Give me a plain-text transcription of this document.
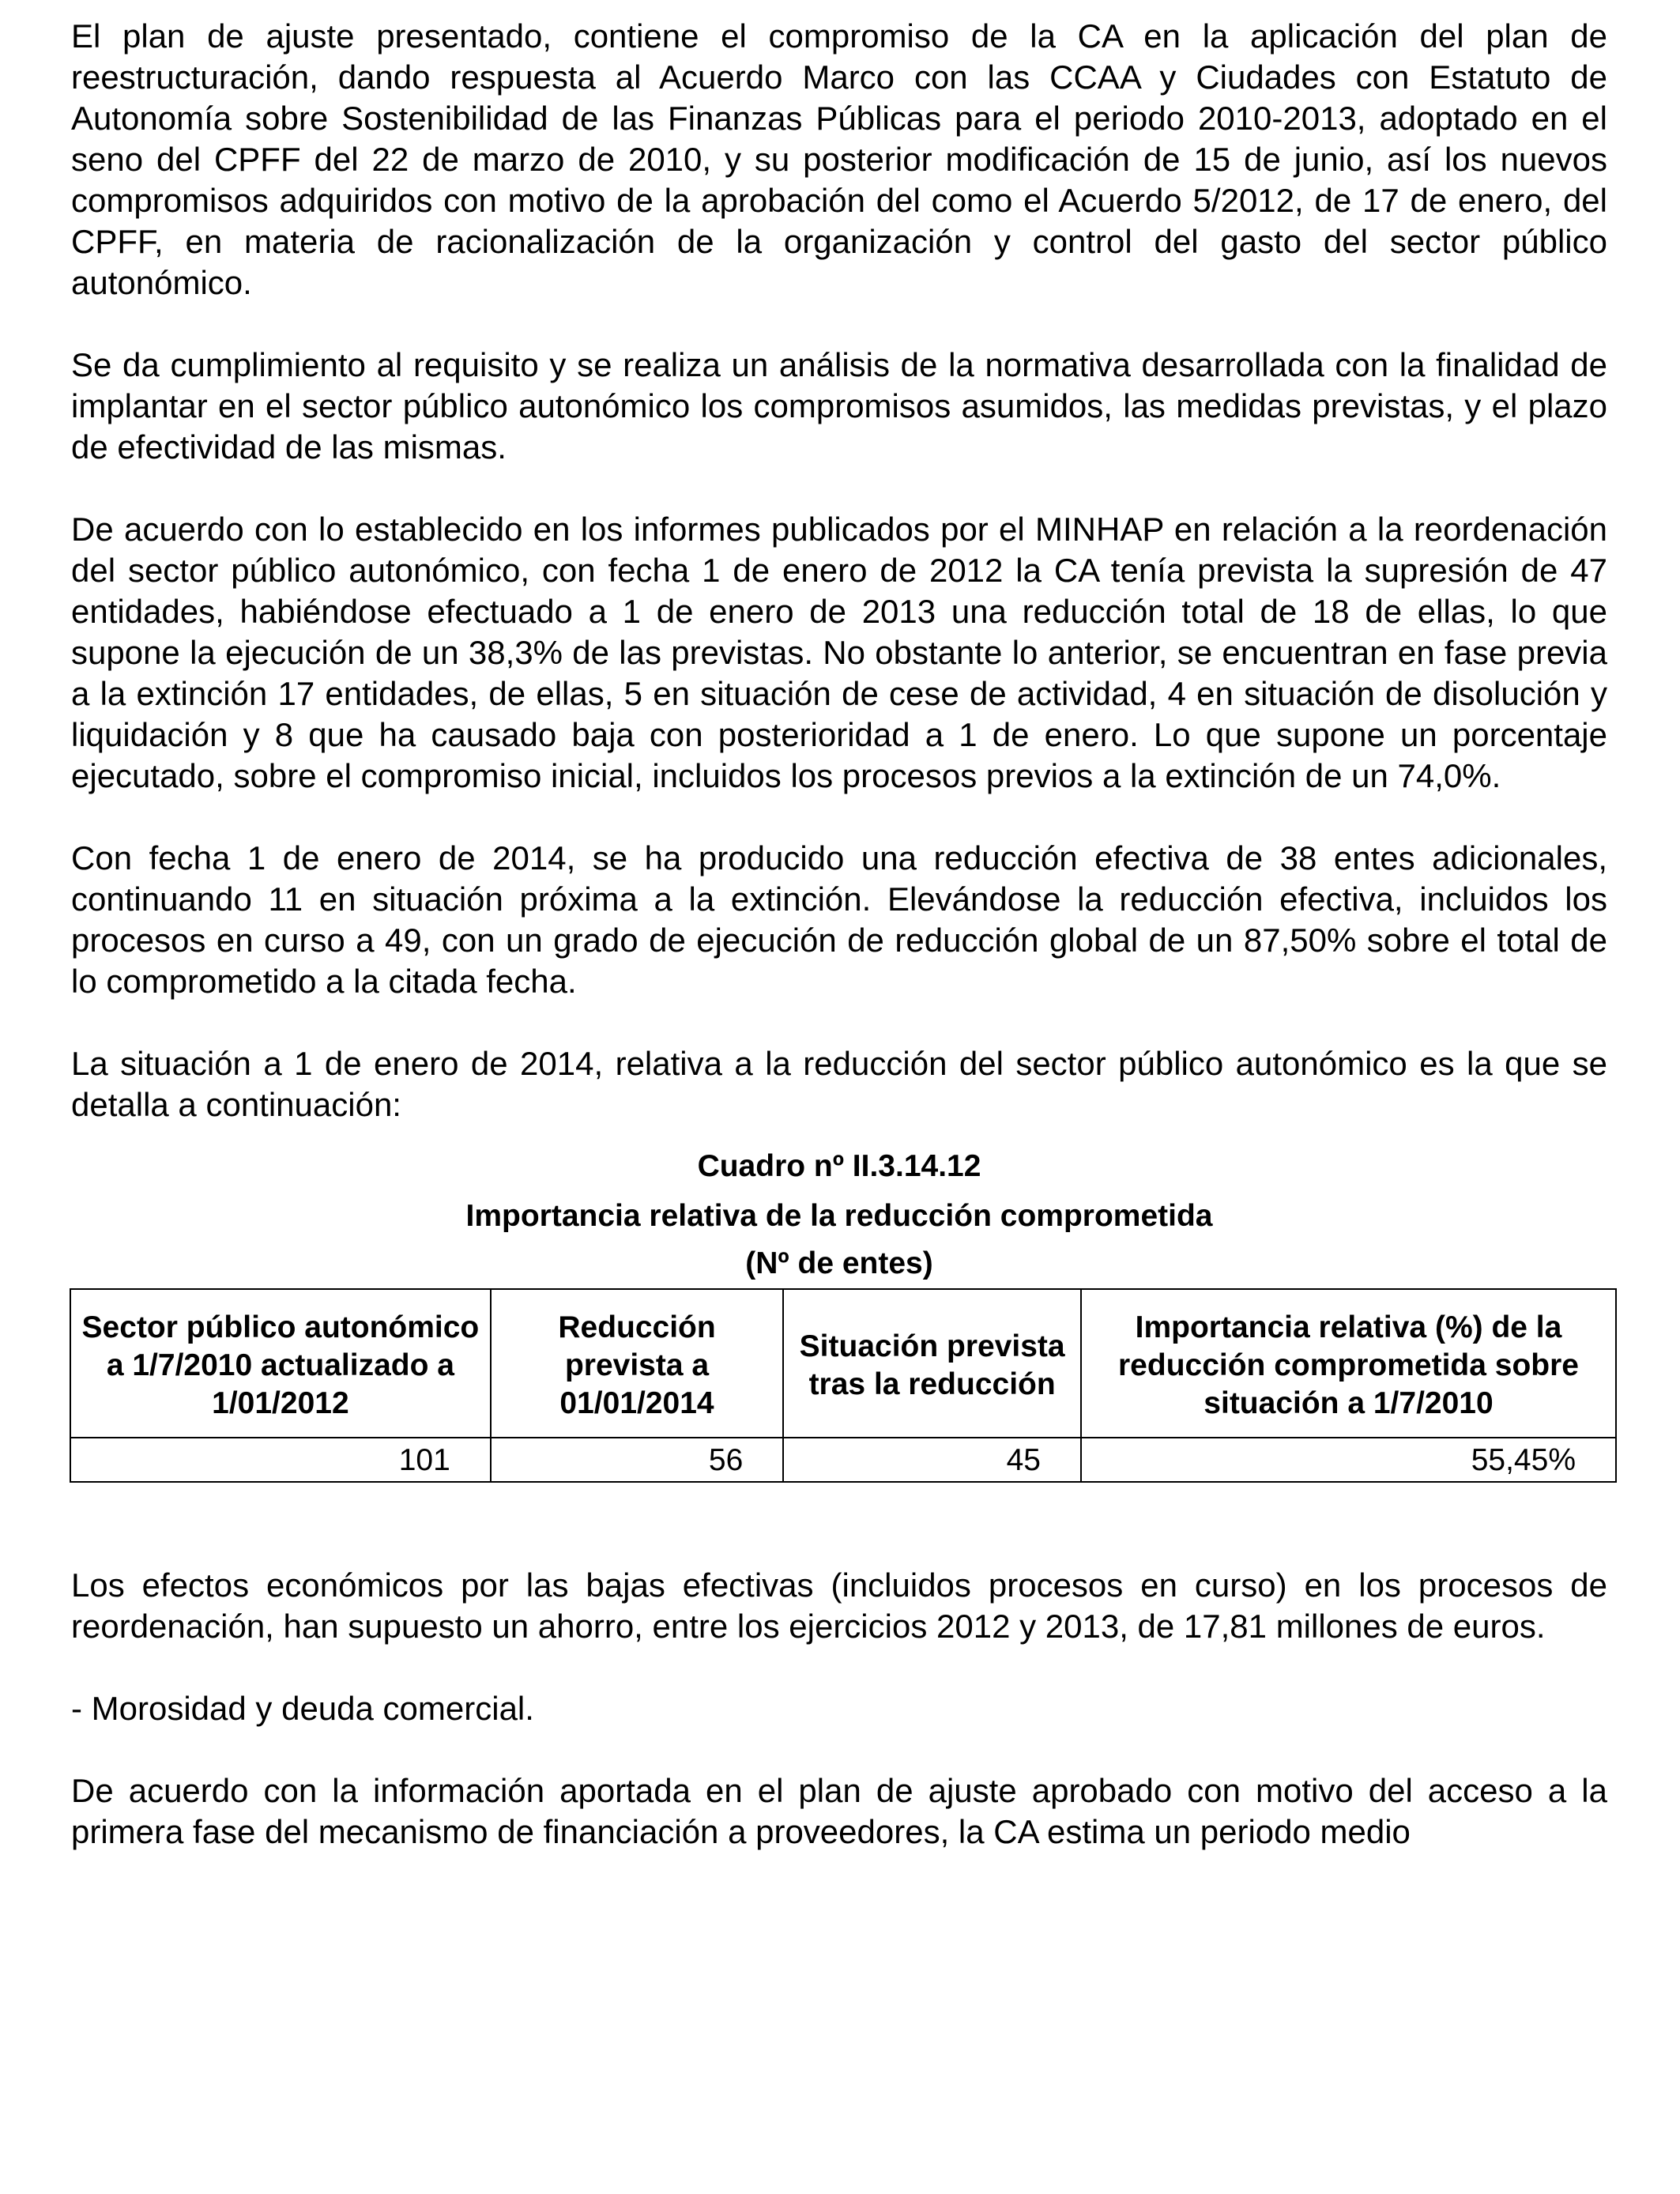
El plan de ajuste presentado, contiene el compromiso de la CA en la aplicación del plan de reestructuración, dando respuesta al Acuerdo Marco con las CCAA y Ciudades con Estatuto de Autonomía sobre Sostenibilidad de las Finanzas Públicas para el periodo 2010-2013, adoptado en el seno del CPFF del 22 de marzo de 2010, y su posterior modificación de 15 de junio, así los nuevos compromisos adquiridos con motivo de la aprobación del como el Acuerdo 5/2012, de 17 de enero, del CPFF, en materia de racionalización de la organización y control del gasto del sector público autonómico.

Se da cumplimiento al requisito y se realiza un análisis de la normativa desarrollada con la finalidad de implantar en el sector público autonómico los compromisos asumidos, las medidas previstas, y el plazo de efectividad de las mismas.

De acuerdo con lo establecido en los informes publicados por el MINHAP en relación a la reordenación del sector público autonómico, con fecha 1 de enero de 2012 la CA tenía prevista la supresión de 47 entidades, habiéndose efectuado a 1 de enero de 2013 una reducción total de 18 de ellas, lo que supone la ejecución de un 38,3% de las previstas. No obstante lo anterior, se encuentran en fase previa a la extinción 17 entidades, de ellas, 5 en situación de cese de actividad, 4 en situación de disolución y liquidación y 8 que ha causado baja con posterioridad a 1 de enero. Lo que supone un porcentaje ejecutado, sobre el compromiso inicial, incluidos los procesos previos a la extinción de un 74,0%.

Con fecha 1 de enero de 2014, se ha producido una reducción efectiva de 38 entes adicionales, continuando 11 en situación próxima a la extinción. Elevándose la reducción efectiva, incluidos los procesos en curso a 49, con un grado de ejecución de reducción global de un 87,50% sobre el total de lo comprometido a la citada fecha.

La situación a 1 de enero de 2014, relativa a la reducción del sector público autonómico es la que se detalla a continuación:

Cuadro nº II.3.14.12

Importancia relativa de la reducción comprometida

(Nº de entes)

Sector público autonómico a 1/7/2010 actualizado a 1/01/2012	Reducción prevista a 01/01/2014	Situación prevista tras la reducción	Importancia relativa (%) de la reducción comprometida sobre situación a 1/7/2010
101	56	45	55,45%

Los efectos económicos por las bajas efectivas (incluidos procesos en curso) en los procesos de reordenación, han supuesto un ahorro, entre los ejercicios 2012 y 2013, de 17,81 millones de euros.

- Morosidad y deuda comercial.

De acuerdo con la información aportada en el plan de ajuste aprobado con motivo del acceso a la primera fase del mecanismo de financiación a proveedores, la CA estima un periodo medio
